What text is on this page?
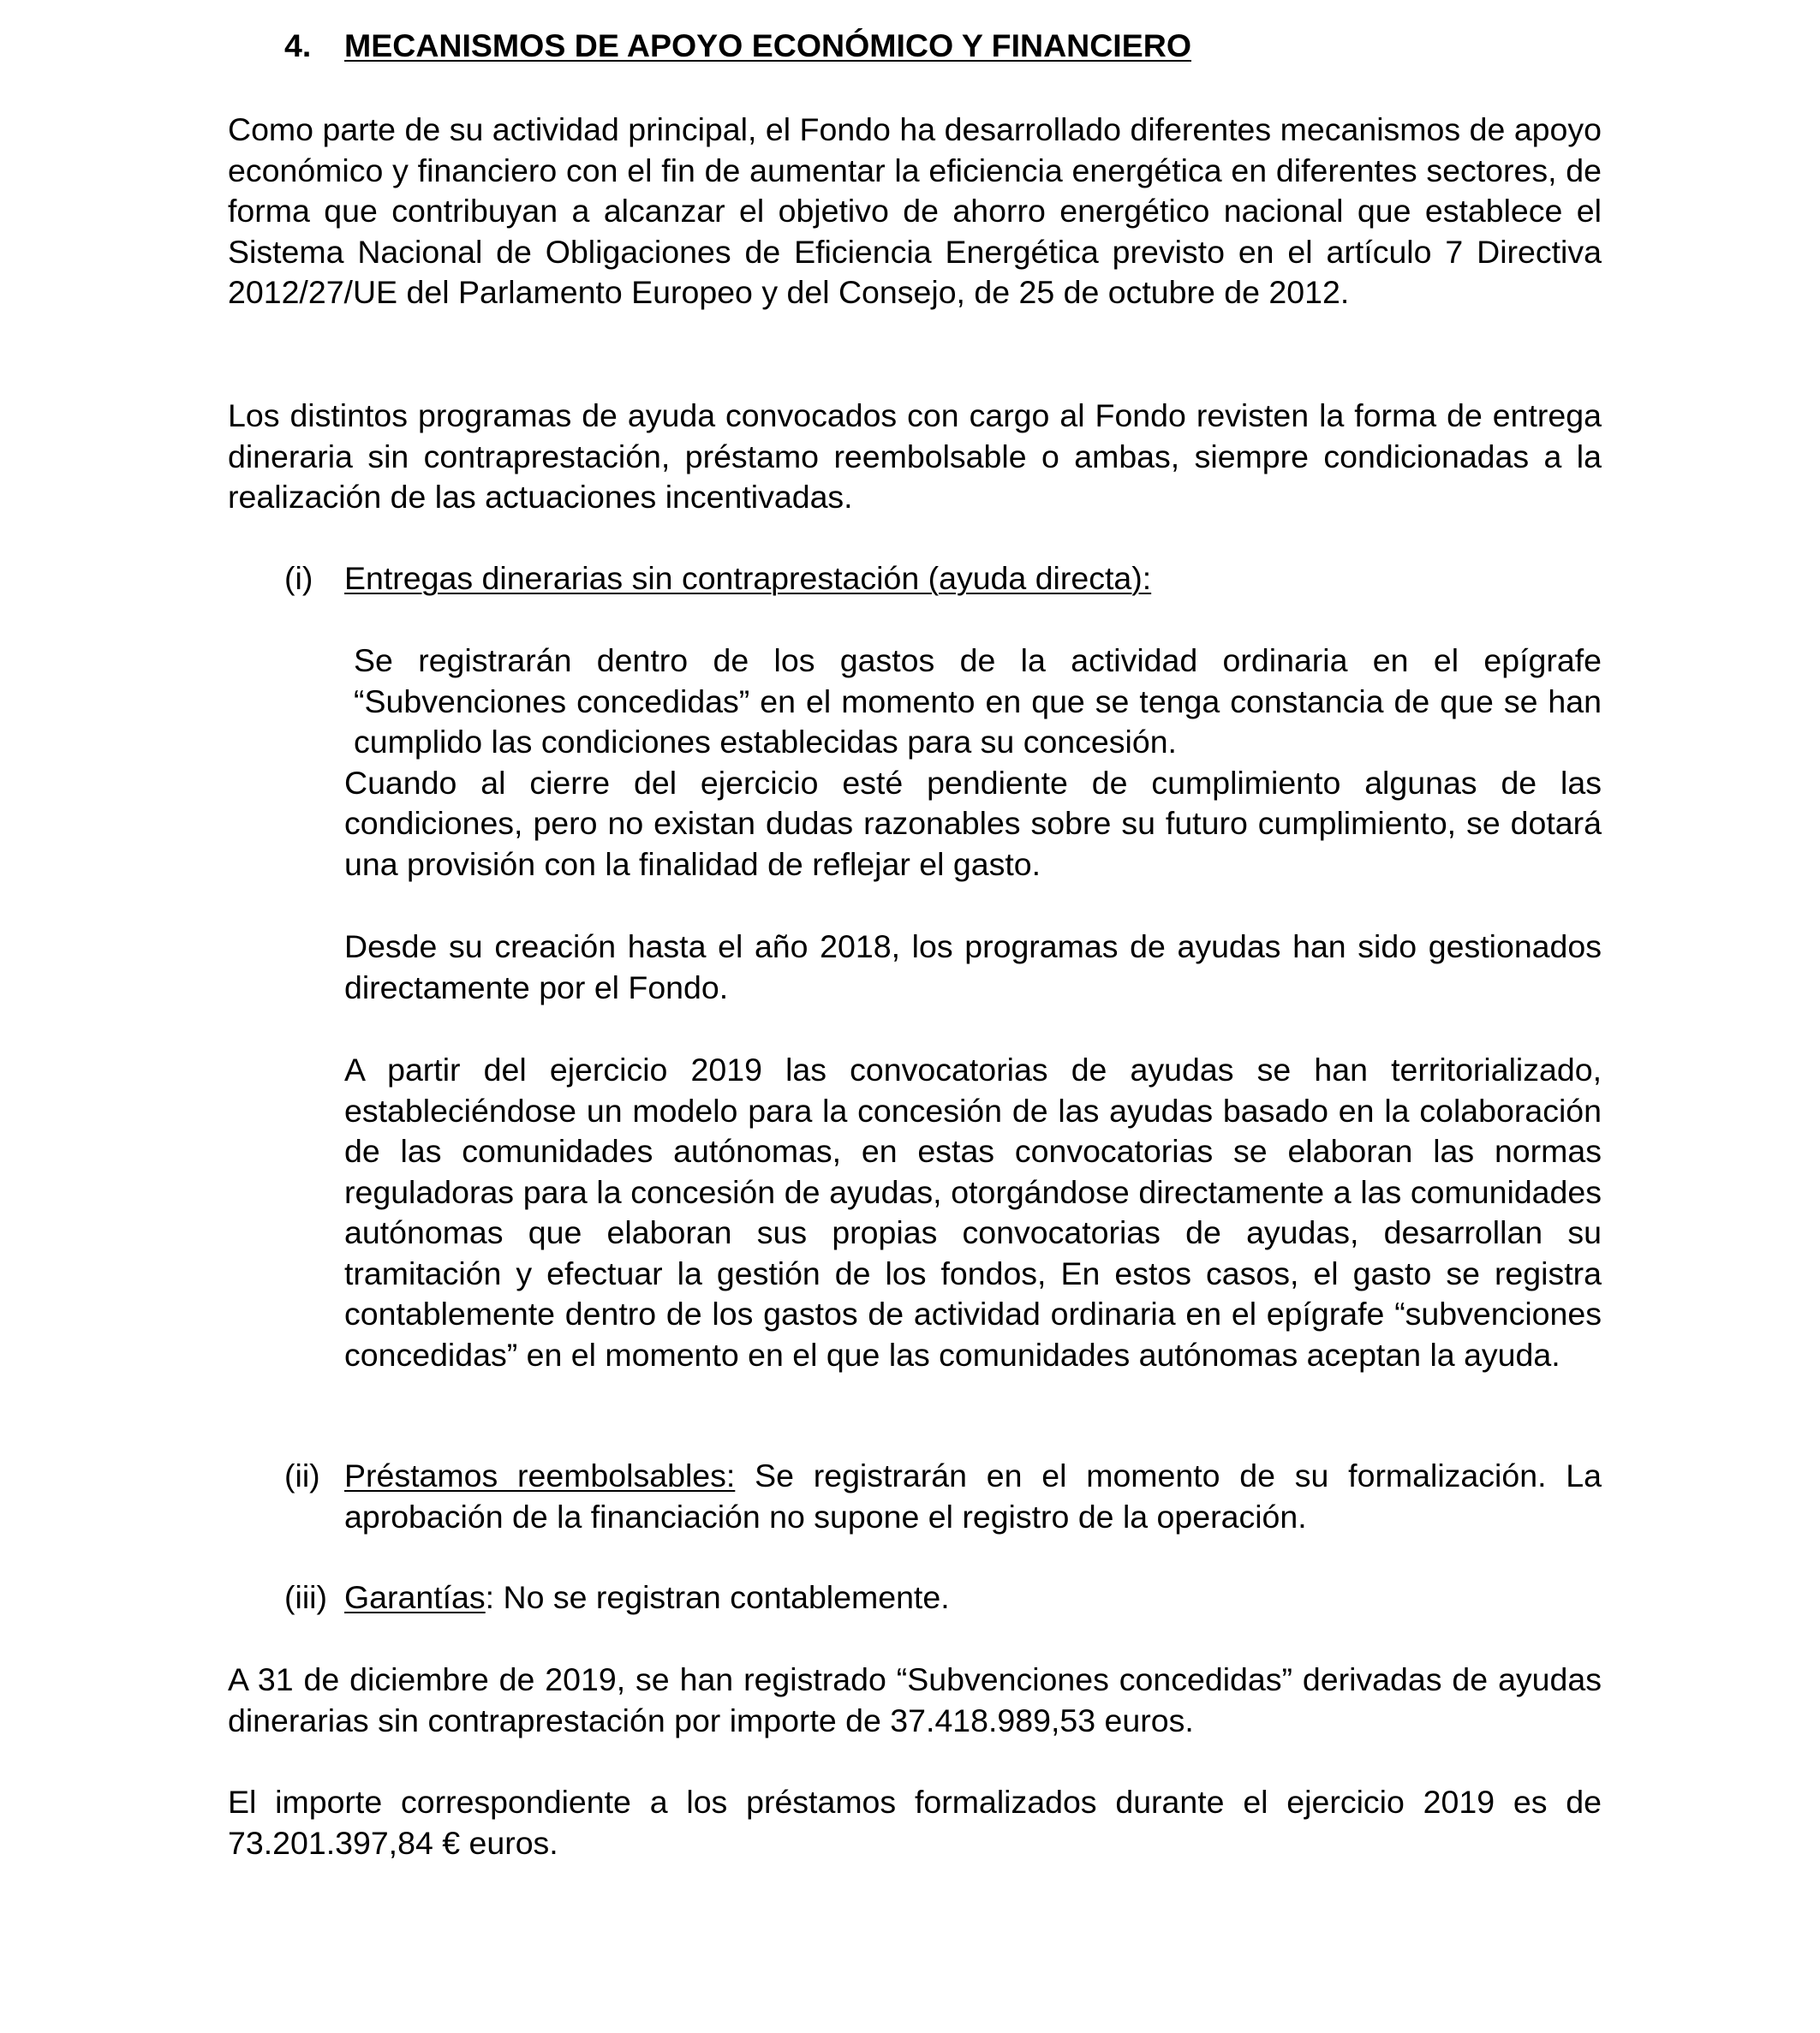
4. MECANISMOS DE APOYO ECONÓMICO Y FINANCIERO

Como parte de su actividad principal, el Fondo ha desarrollado diferentes mecanismos de apoyo económico y financiero con el fin de aumentar la eficiencia energética en diferentes sectores, de forma que contribuyan a alcanzar el objetivo de ahorro energético nacional que establece el Sistema Nacional de Obligaciones de Eficiencia Energética previsto en el artículo 7 Directiva 2012/27/UE del Parlamento Europeo y del Consejo, de 25 de octubre de 2012.

Los distintos programas de ayuda convocados con cargo al Fondo revisten la forma de entrega dineraria sin contraprestación, préstamo reembolsable o ambas, siempre condicionadas a la realización de las actuaciones incentivadas.

(i) Entregas dinerarias sin contraprestación (ayuda directa):

Se registrarán dentro de los gastos de la actividad ordinaria en el epígrafe “Subvenciones concedidas” en el momento en que se tenga constancia de que se han cumplido las condiciones establecidas para su concesión.

Cuando al cierre del ejercicio esté pendiente de cumplimiento algunas de las condiciones, pero no existan dudas razonables sobre su futuro cumplimiento, se dotará una provisión con la finalidad de reflejar el gasto.

Desde su creación hasta el año 2018, los programas de ayudas han sido gestionados directamente por el Fondo.

A partir del ejercicio 2019 las convocatorias de ayudas se han territorializado, estableciéndose un modelo para la concesión de las ayudas basado en la colaboración de las comunidades autónomas, en estas convocatorias se elaboran las normas reguladoras para la concesión de ayudas, otorgándose directamente a las comunidades autónomas que elaboran sus propias convocatorias de ayudas, desarrollan su tramitación y efectuar la gestión de los fondos, En estos casos, el gasto se registra contablemente dentro de los gastos de actividad ordinaria en el epígrafe “subvenciones concedidas” en el momento en el que las comunidades autónomas aceptan la ayuda.

(ii) Préstamos reembolsables: Se registrarán en el momento de su formalización. La aprobación de la financiación no supone el registro de la operación.
(iii) Garantías: No se registran contablemente.

A 31 de diciembre de 2019, se han registrado “Subvenciones concedidas” derivadas de ayudas dinerarias sin contraprestación por importe de 37.418.989,53 euros.

El importe correspondiente a los préstamos formalizados durante el ejercicio 2019 es de 73.201.397,84 € euros.
